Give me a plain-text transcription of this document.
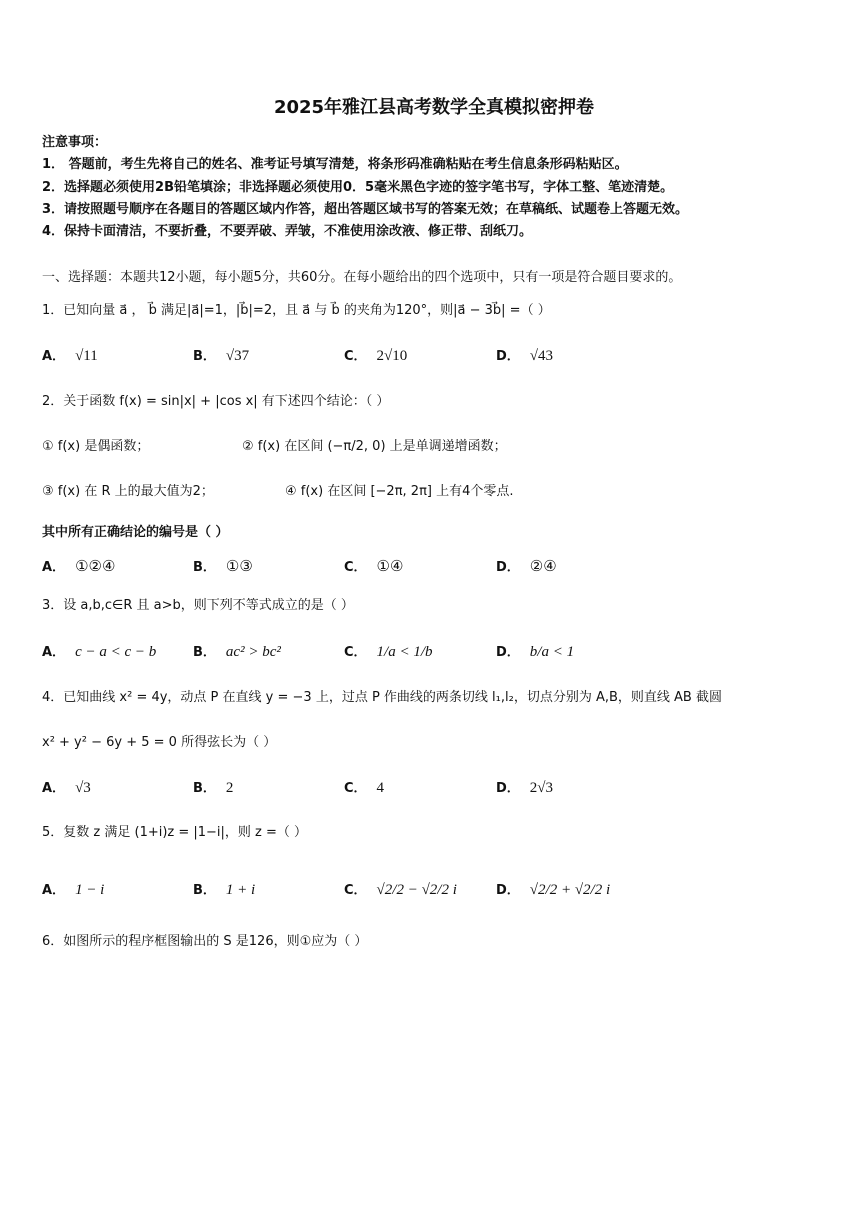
2025年雅江县高考数学全真模拟密押卷
注意事项：
1． 答题前，考生先将自己的姓名、准考证号填写清楚，将条形码准确粘贴在考生信息条形码粘贴区。
2．选择题必须使用2B铅笔填涂；非选择题必须使用0．5毫米黑色字迹的签字笔书写，字体工整、笔迹清楚。
3．请按照题号顺序在各题目的答题区域内作答，超出答题区域书写的答案无效；在草稿纸、试题卷上答题无效。
4．保持卡面清洁，不要折叠，不要弄破、弄皱，不准使用涂改液、修正带、刮纸刀。
一、选择题：本题共12小题，每小题5分，共60分。在每小题给出的四个选项中，只有一项是符合题目要求的。
1．已知向量 a⃗ ， b⃗ 满足|a⃗|=1，|b⃗|=2，且 a⃗ 与 b⃗ 的夹角为120°，则|a⃗ − 3b⃗| =（ ）
A． √11	B． √37	C． 2√10	D． √43
2．关于函数 f(x) = sin|x| + |cos x| 有下述四个结论：（ ）
① f(x) 是偶函数；	② f(x) 在区间 (−π/2, 0) 上是单调递增函数；
③ f(x) 在 R 上的最大值为2；	④ f(x) 在区间 [−2π, 2π] 上有4个零点.
其中所有正确结论的编号是（ ）
A． ①②④	B． ①③	C． ①④	D． ②④
3．设 a,b,c∈R 且 a>b，则下列不等式成立的是（ ）
A． c − a < c − b	B． ac² > bc²	C． 1/a < 1/b	D． b/a < 1
4．已知曲线 x² = 4y，动点 P 在直线 y = −3 上，过点 P 作曲线的两条切线 l₁,l₂，切点分别为 A,B，则直线 AB 截圆
x² + y² − 6y + 5 = 0 所得弦长为（ ）
A． √3	B． 2	C． 4	D． 2√3
5．复数 z 满足 (1+i)z = |1−i|，则 z =（ ）
A． 1 − i	B． 1 + i	C． √2/2 − √2/2 i	D． √2/2 + √2/2 i
6．如图所示的程序框图输出的 S 是126，则①应为（ ）
